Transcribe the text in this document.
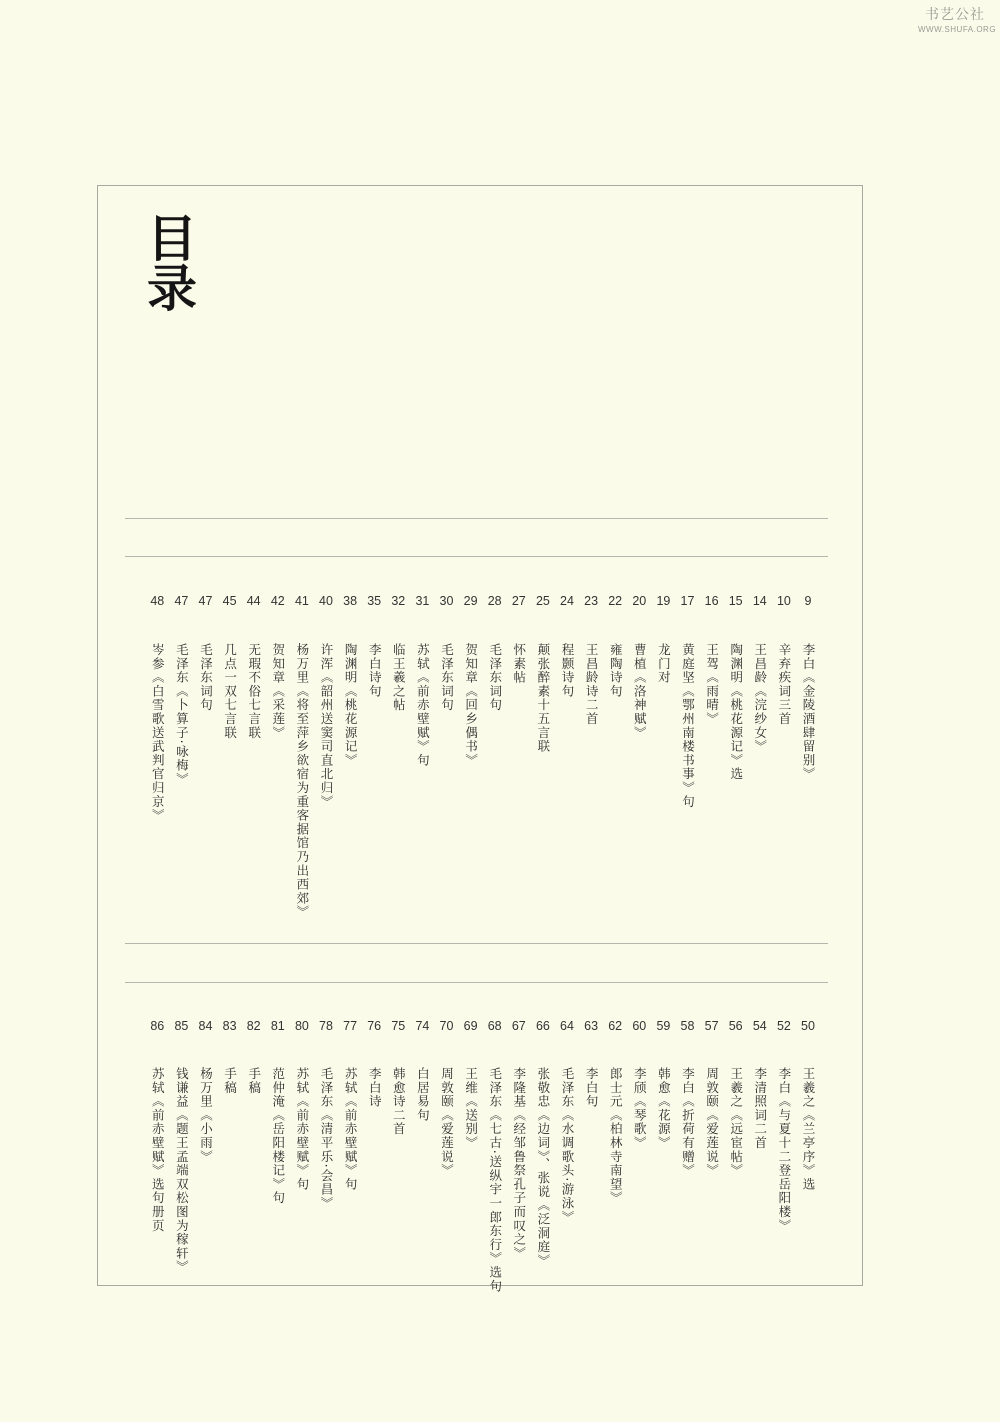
书艺公社
WWW.SHUFA.ORG
目录
9
李白《金陵酒肆留别》
10
辛弃疾词三首
14
王昌龄《浣纱女》
15
陶渊明《桃花源记》选
16
王驾《雨晴》
17
黄庭坚《鄂州南楼书事》句
19
龙门对
20
曹植《洛神赋》
22
雍陶诗句
23
王昌龄诗二首
24
程颢诗句
25
颠张醉素十五言联
27
怀素帖
28
毛泽东词句
29
贺知章《回乡偶书》
30
毛泽东词句
31
苏轼《前赤壁赋》句
32
临王羲之帖
35
李白诗句
38
陶渊明《桃花源记》
40
许浑《韶州送窦司直北归》
41
杨万里《将至萍乡欲宿为重客据馆乃出西郊》
42
贺知章《采莲》
44
无瑕不俗七言联
45
几点一双七言联
47
毛泽东词句
47
毛泽东《卜算子·咏梅》
48
岑参《白雪歌送武判官归京》
50
王羲之《兰亭序》选
52
李白《与夏十二登岳阳楼》
54
李清照词二首
56
王羲之《远宦帖》
57
周敦颐《爱莲说》
58
李白《折荷有赠》
59
韩愈《花源》
60
李颀《琴歌》
62
郎士元《柏林寺南望》
63
李白句
64
毛泽东《水调歌头·游泳》
66
张敬忠《边词》、张说《泛洞庭》
67
李隆基《经邹鲁祭孔子而叹之》
68
毛泽东《七古·送纵宇一郎东行》选句
69
王维《送别》
70
周敦颐《爱莲说》
74
白居易句
75
韩愈诗二首
76
李白诗
77
苏轼《前赤壁赋》句
78
毛泽东《清平乐·会昌》
80
苏轼《前赤壁赋》句
81
范仲淹《岳阳楼记》句
82
手稿
83
手稿
84
杨万里《小雨》
85
钱谦益《题王孟端双松图为稼轩》
86
苏轼《前赤壁赋》选句册页
